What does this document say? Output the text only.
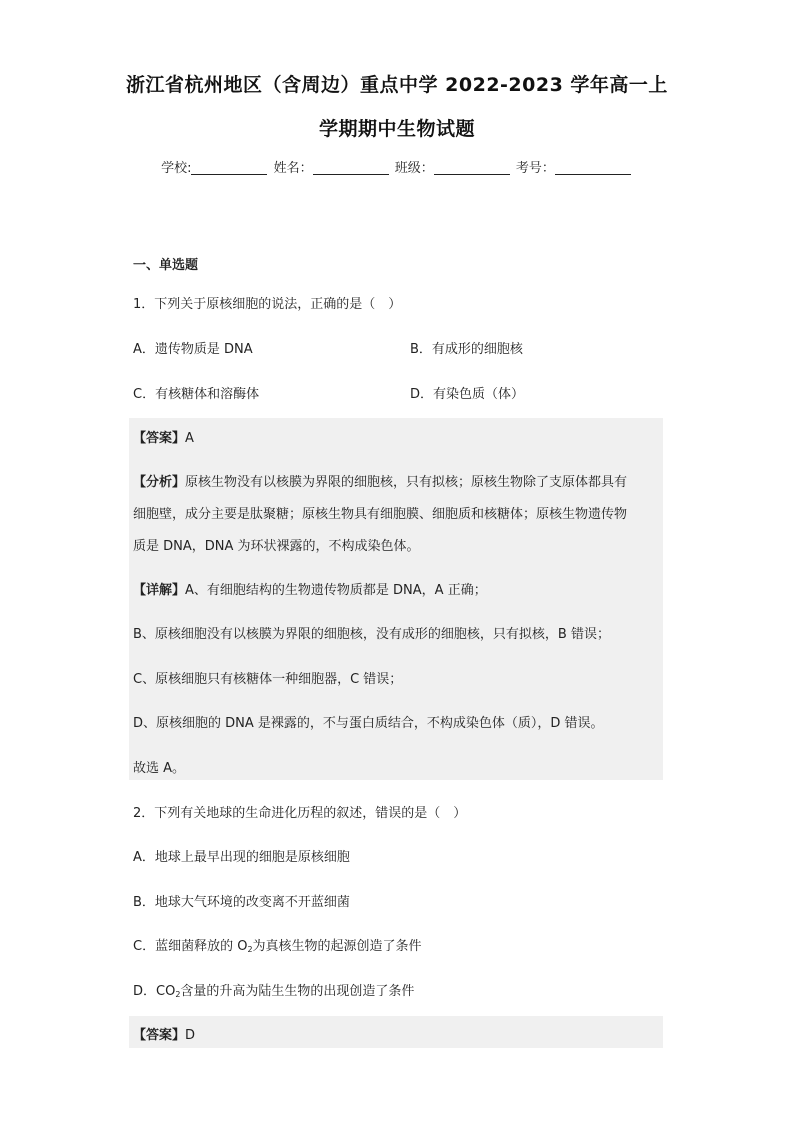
浙江省杭州地区（含周边）重点中学 2022-2023 学年高一上
学期期中生物试题
学校:	姓名：	班级：	考号：
一、单选题
1．下列关于原核细胞的说法，正确的是（　）
A．遗传物质是 DNA	B．有成形的细胞核
C．有核糖体和溶酶体	D．有染色质（体）
【答案】A
【分析】原核生物没有以核膜为界限的细胞核，只有拟核；原核生物除了支原体都具有
细胞壁，成分主要是肽聚糖；原核生物具有细胞膜、细胞质和核糖体；原核生物遗传物
质是 DNA，DNA 为环状裸露的，不构成染色体。
【详解】A、有细胞结构的生物遗传物质都是 DNA，A 正确；
B、原核细胞没有以核膜为界限的细胞核，没有成形的细胞核，只有拟核，B 错误；
C、原核细胞只有核糖体一种细胞器，C 错误；
D、原核细胞的 DNA 是裸露的，不与蛋白质结合，不构成染色体（质），D 错误。
故选 A。
2．下列有关地球的生命进化历程的叙述，错误的是（　）
A．地球上最早出现的细胞是原核细胞
B．地球大气环境的改变离不开蓝细菌
C．蓝细菌释放的 $O_2$为真核生物的起源创造了条件
D．$CO_2$含量的升高为陆生生物的出现创造了条件
【答案】D
